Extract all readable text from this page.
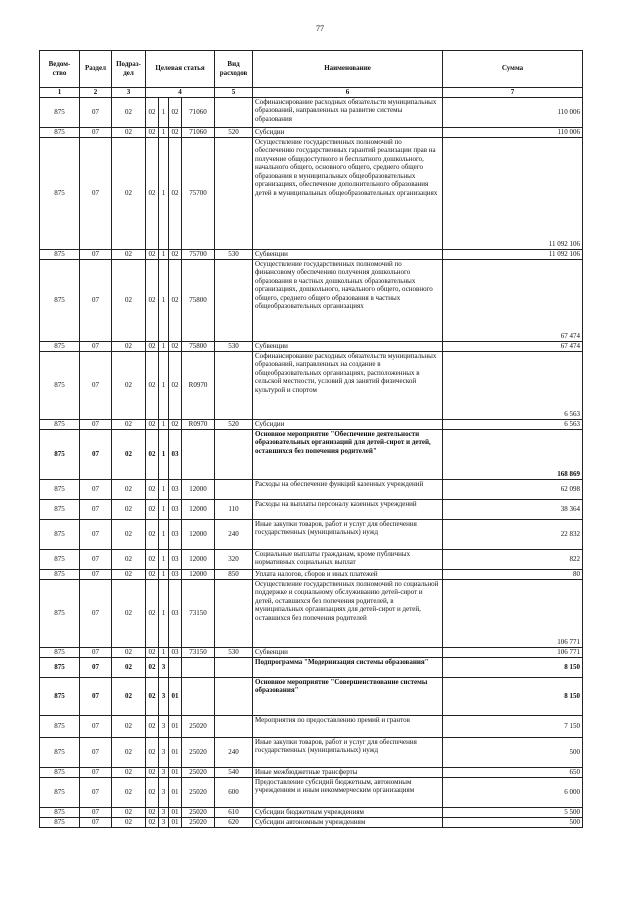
77
Ведом-ство	Раздел	Подраз-дел	Целевая статья				Вид расходов	Наименование	Сумма
1	2	3	4				5	6	7
875	07	02	02	1	02	71060		Софинансирование расходных обязательств муниципальных образований, направленных на развитие системы образования	110 006
875	07	02	02	1	02	71060	520	Субсидии	110 006
875	07	02	02	1	02	75700		Осуществление государственных полномочий по обеспечению государственных гарантий реализации прав на получение общедоступного и бесплатного дошкольного, начального общего, основного общего, среднего общего образования в муниципальных общеобразовательных организациях, обеспечение дополнительного образования детей в муниципальных общеобразовательных организациях	11 092 106
875	07	02	02	1	02	75700	530	Субвенции	11 092 106
875	07	02	02	1	02	75800		Осуществление государственных полномочий по финансовому обеспечению получения дошкольного образования в частных дошкольных образовательных организациях, дошкольного, начального общего, основного общего, среднего общего образования в частных общеобразовательных организациях	67 474
875	07	02	02	1	02	75800	530	Субвенции	67 474
875	07	02	02	1	02	R0970		Софинансирование расходных обязательств муниципальных образований, направленных на создание в общеобразовательных организациях, расположенных в сельской местности, условий для занятий физической культурой и спортом	6 563
875	07	02	02	1	02	R0970	520	Субсидии	6 563
875	07	02	02	1	03			Основное мероприятие "Обеспечение деятельности образовательных организаций для детей-сирот и детей, оставшихся без попечения родителей"	168 869
875	07	02	02	1	03	12000		Расходы на обеспечение функций казенных учреждений	62 098
875	07	02	02	1	03	12000	110	Расходы на выплаты персоналу казенных учреждений	38 364
875	07	02	02	1	03	12000	240	Иные закупки товаров, работ и услуг для обеспечения государственных (муниципальных) нужд	22 832
875	07	02	02	1	03	12000	320	Социальные выплаты гражданам, кроме публичных нормативных социальных выплат	822
875	07	02	02	1	03	12000	850	Уплата налогов, сборов и иных платежей	80
875	07	02	02	1	03	73150		Осуществление государственных полномочий по социальной поддержке и социальному обслуживанию детей-сирот и детей, оставшихся без попечения родителей, в муниципальных организациях для детей-сирот и детей, оставшихся без попечения родителей	106 771
875	07	02	02	1	03	73150	530	Субвенции	106 771
875	07	02	02	3				Подпрограмма "Модернизация системы образования"	8 150
875	07	02	02	3	01			Основное мероприятие "Совершенствование системы образования"	8 150
875	07	02	02	3	01	25020		Мероприятия по предоставлению премий и грантов	7 150
875	07	02	02	3	01	25020	240	Иные закупки товаров, работ и услуг для обеспечения государственных (муниципальных) нужд	500
875	07	02	02	3	01	25020	540	Иные межбюджетные трансферты	650
875	07	02	02	3	01	25020	600	Предоставление субсидий бюджетным, автономным учреждениям и иным некоммерческим организациям	6 000
875	07	02	02	3	01	25020	610	Субсидии бюджетным учреждениям	5 500
875	07	02	02	3	01	25020	620	Субсидии автономным учреждениям	500
